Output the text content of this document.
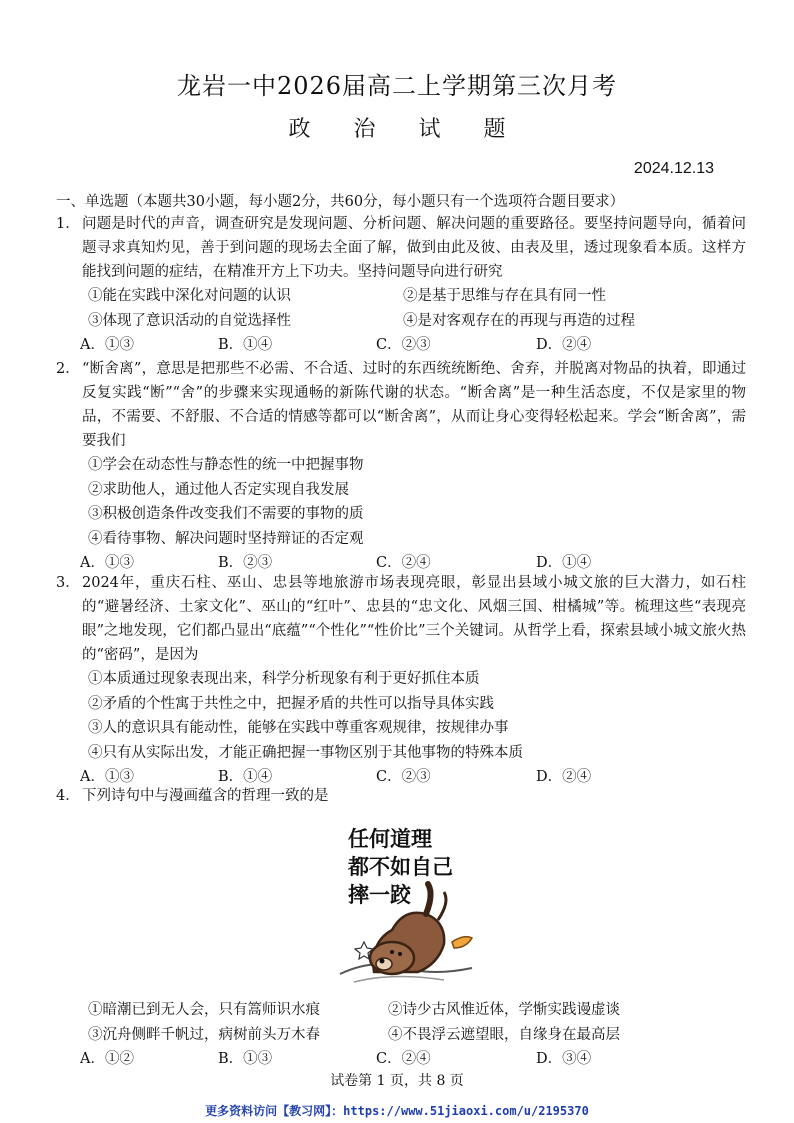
龙岩一中2026届高二上学期第三次月考
政 治 试 题
2024.12.13
一、单选题（本题共30小题，每小题2分，共60分，每小题只有一个选项符合题目要求）
1． 问题是时代的声音，调查研究是发现问题、分析问题、解决问题的重要路径。要坚持问题导向，循着问题寻求真知灼见，善于到问题的现场去全面了解，做到由此及彼、由表及里，透过现象看本质。这样方能找到问题的症结，在精准开方上下功夫。坚持问题导向进行研究
①能在实践中深化对问题的认识	②是基于思维与存在具有同一性
③体现了意识活动的自觉选择性	④是对客观存在的再现与再造的过程
A．①③	B．①④	C．②③	D．②④
2． “断舍离”，意思是把那些不必需、不合适、过时的东西统统断绝、舍弃，并脱离对物品的执着，即通过反复实践“断”“舍”的步骤来实现通畅的新陈代谢的状态。“断舍离”是一种生活态度，不仅是家里的物品，不需要、不舒服、不合适的情感等都可以“断舍离”，从而让身心变得轻松起来。学会“断舍离”，需要我们
①学会在动态性与静态性的统一中把握事物
②求助他人，通过他人否定实现自我发展
③积极创造条件改变我们不需要的事物的质
④看待事物、解决问题时坚持辩证的否定观
A．①③	B．②③	C．②④	D．①④
3． 2024年，重庆石柱、巫山、忠县等地旅游市场表现亮眼，彰显出县域小城文旅的巨大潜力，如石柱的“避暑经济、土家文化”、巫山的“红叶”、忠县的“忠文化、风烟三国、柑橘城”等。梳理这些“表现亮眼”之地发现，它们都凸显出“底蕴”“个性化”“性价比”三个关键词。从哲学上看，探索县域小城文旅火热的“密码”，是因为
①本质通过现象表现出来，科学分析现象有利于更好抓住本质
②矛盾的个性寓于共性之中，把握矛盾的共性可以指导具体实践
③人的意识具有能动性，能够在实践中尊重客观规律，按规律办事
④只有从实际出发，才能正确把握一事物区别于其他事物的特殊本质
A．①③	B．①④	C．②③	D．②④
4． 下列诗句中与漫画蕴含的哲理一致的是
任何道理
都不如自己
摔一跤
①暗潮已到无人会，只有篙师识水痕	②诗少古风惟近体，学惭实践谩虚谈
③沉舟侧畔千帆过，病树前头万木春	④不畏浮云遮望眼，自缘身在最高层
A．①②	B．①③	C．②④	D．③④
试卷第 1 页，共 8 页
更多资料访问【教习网】：https://www.51jiaoxi.com/u/2195370
